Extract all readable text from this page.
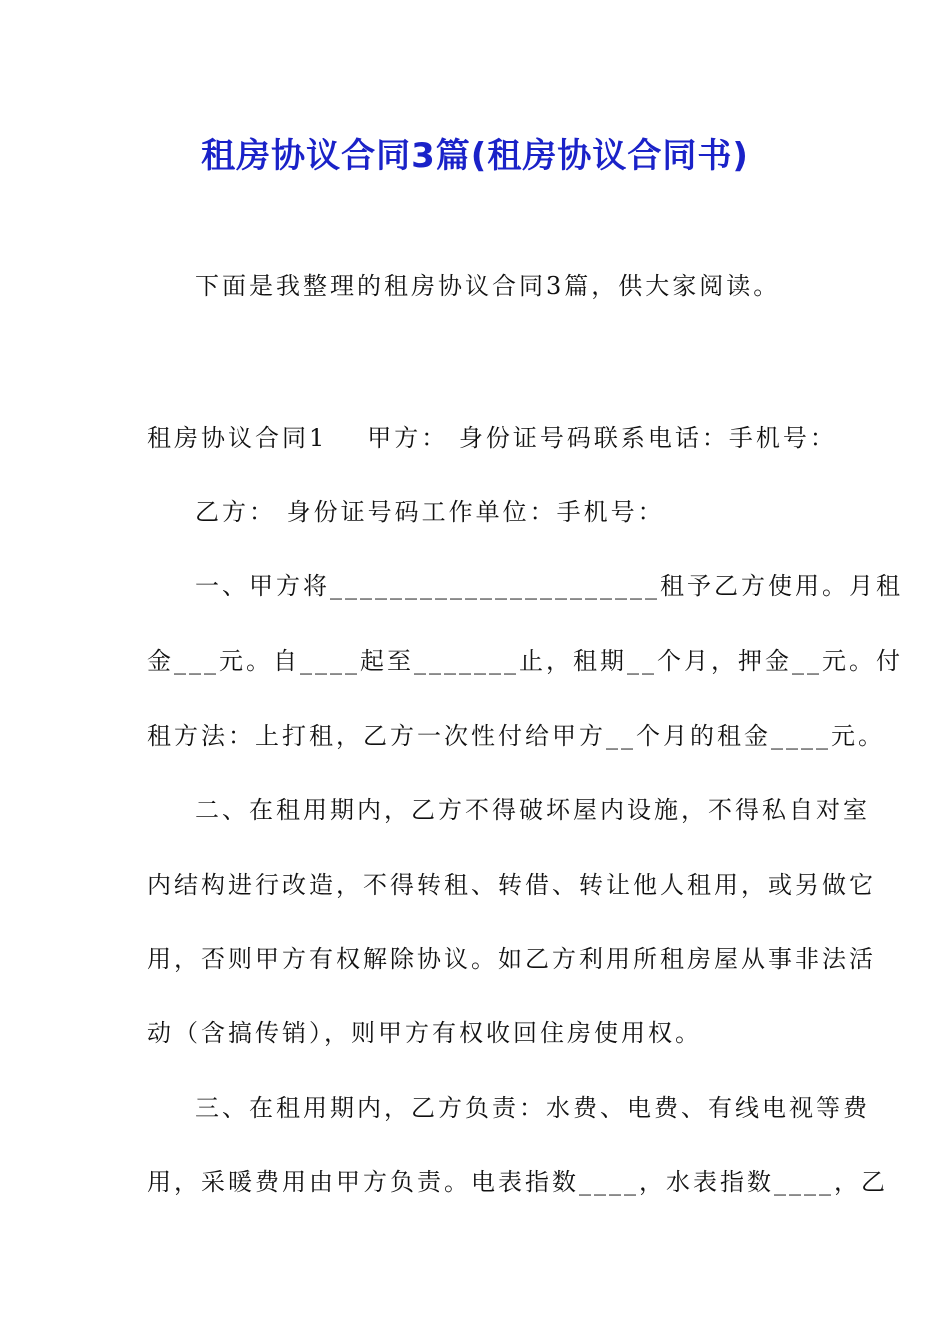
租房协议合同3篇(租房协议合同书)
下面是我整理的租房协议合同3篇，供大家阅读。
租房协议合同1 甲方： 身份证号码联系电话：手机号：
乙方： 身份证号码工作单位：手机号：
一、甲方将______________________租予乙方使用。月租
金___元。自____起至_______止，租期__个月，押金__元。付
租方法：上打租，乙方一次性付给甲方__个月的租金____元。
二、在租用期内，乙方不得破坏屋内设施，不得私自对室
内结构进行改造，不得转租、转借、转让他人租用，或另做它
用，否则甲方有权解除协议。如乙方利用所租房屋从事非法活
动（含搞传销），则甲方有权收回住房使用权。
三、在租用期内，乙方负责：水费、电费、有线电视等费
用，采暖费用由甲方负责。电表指数____，水表指数____，乙
